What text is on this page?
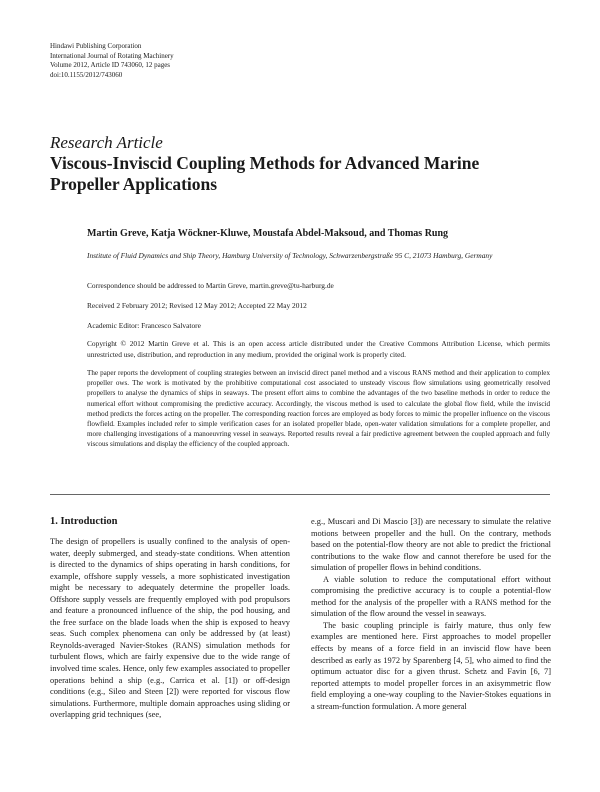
Hindawi Publishing Corporation
International Journal of Rotating Machinery
Volume 2012, Article ID 743060, 12 pages
doi:10.1155/2012/743060
Research Article
Viscous-Inviscid Coupling Methods for Advanced Marine Propeller Applications
Martin Greve, Katja Wöckner-Kluwe, Moustafa Abdel-Maksoud, and Thomas Rung
Institute of Fluid Dynamics and Ship Theory, Hamburg University of Technology, Schwarzenbergstraße 95 C, 21073 Hamburg, Germany
Correspondence should be addressed to Martin Greve, martin.greve@tu-harburg.de
Received 2 February 2012; Revised 12 May 2012; Accepted 22 May 2012
Academic Editor: Francesco Salvatore
Copyright © 2012 Martin Greve et al. This is an open access article distributed under the Creative Commons Attribution License, which permits unrestricted use, distribution, and reproduction in any medium, provided the original work is properly cited.
The paper reports the development of coupling strategies between an inviscid direct panel method and a viscous RANS method and their application to complex propeller ows. The work is motivated by the prohibitive computational cost associated to unsteady viscous flow simulations using geometrically resolved propellers to analyse the dynamics of ships in seaways. The present effort aims to combine the advantages of the two baseline methods in order to reduce the numerical effort without compromising the predictive accuracy. Accordingly, the viscous method is used to calculate the global flow field, while the inviscid method predicts the forces acting on the propeller. The corresponding reaction forces are employed as body forces to mimic the propeller influence on the viscous flowfield. Examples included refer to simple verification cases for an isolated propeller blade, open-water validation simulations for a complete propeller, and more challenging investigations of a manoeuvring vessel in seaways. Reported results reveal a fair predictive agreement between the coupled approach and fully viscous simulations and display the efficiency of the coupled approach.
1. Introduction

The design of propellers is usually confined to the analysis of open-water, deeply submerged, and steady-state conditions. When attention is directed to the dynamics of ships operating in harsh conditions, for example, offshore supply vessels, a more sophisticated investigation might be necessary to adequately determine the propeller loads. Offshore supply vessels are frequently employed with pod propulsors and feature a pronounced influence of the ship, the pod housing, and the free surface on the blade loads when the ship is exposed to heavy seas. Such complex phenomena can only be addressed by (at least) Reynolds-averaged Navier-Stokes (RANS) simulation methods for turbulent flows, which are fairly expensive due to the wide range of involved time scales. Hence, only few examples associated to propeller operations behind a ship (e.g., Carrica et al. [1]) or off-design conditions (e.g., Sileo and Steen [2]) were reported for viscous flow simulations. Furthermore, multiple domain approaches using sliding or overlapping grid techniques (see,

e.g., Muscari and Di Mascio [3]) are necessary to simulate the relative motions between propeller and the hull. On the contrary, methods based on the potential-flow theory are not able to predict the frictional contributions to the wake flow and cannot therefore be used for the simulation of propeller flows in behind conditions.

A viable solution to reduce the computational effort without compromising the predictive accuracy is to couple a potential-flow method for the analysis of the propeller with a RANS method for the simulation of the flow around the vessel in seaways.

The basic coupling principle is fairly mature, thus only few examples are mentioned here. First approaches to model propeller effects by means of a force field in an inviscid flow have been described as early as 1972 by Sparenberg [4, 5], who aimed to find the optimum actuator disc for a given thrust. Schetz and Favin [6, 7] reported attempts to model propeller forces in an axisymmetric flow field employing a one-way coupling to the Navier-Stokes equations in a stream-function formulation. A more general
